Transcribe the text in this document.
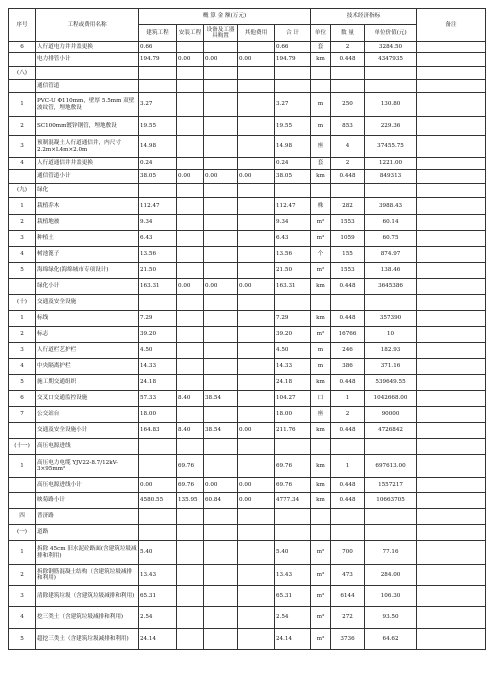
序号	工程或费用名称	概 算 金 额(万元)					技术经济指标			备注
		建筑工程	安装工程	设备及工器具购置	其他费用	合 计	单位	数 量	单位价值(元)	
6	人行道电力井井盖更换	0.66				0.66	套	2	3284.50	
	电力排管小计	194.79	0.00	0.00	0.00	194.79	km	0.448	4347935	
(八)										
	通信管道									
1	PVC-U Φ110mm，壁厚 5.5mm 双壁波纹管，埋地敷设	3.27				3.27	m	250	130.80	
2	SC100mm镀锌钢管，埋地敷设	19.55				19.55	m	853	229.36	
3	预制混凝土人行道通信井，内尺寸 2.2m×L4m×2.0m	14.98				14.98	座	4	37455.75	
4	人行道通信井井盖更换	0.24				0.24	套	2	1221.00	
	通信管道小计	38.05	0.00	0.00	0.00	38.05	km	0.448	849313	
(九)	绿化									
1	栽植乔木	112.47				112.47	株	282	3988.43	
2	栽植地被	9.34				9.34	m²	1553	60.14	
3	种植土	6.43				6.43	m³	1059	60.75	
4	树池篦子	13.56				13.56	个	155	874.97	
5	海绵绿化(海绵城市专项设计)	21.50				21.50	m²	1553	138.46	
	绿化小计	163.31	0.00	0.00	0.00	163.31	km	0.448	3645386	
(十)	交通及安全设施									
1	标线	7.29				7.29	km	0.448	357390	
2	标志	39.20				39.20	m²	16766	10	
3	人行道栏艺护栏	4.50				4.50	m	246	182.93	
4	中央隔离护栏	14.33				14.33	m	386	371.16	
5	施工期交通组织	24.18				24.18	km	0.448	539649.55	
6	交叉口交通监控设施	57.33	8.40	38.54		104.27	口	1	1042668.00	
7	公交站台	18.00				18.00	座	2	90000	
	交通及安全设施小计	164.83	8.40	38.54	0.00	211.76	km	0.448	4726842	
(十一)	高压电源进线									
1	高压电力电缆 YJV22-8.7/12kV-3×95mm²		69.76			69.76	km	1	697613.00	
	高压电源进线小计	0.00	69.76	0.00	0.00	69.76	km	0.448	1557217	
	映菊路小计	4580.55	135.95	60.84	0.00	4777.34	km	0.448	10663705	
四	普济路									
(一)	道路									
1	拆除 45cm 旧水泥砼路面(含建筑垃圾减排和利用)	5.40				5.40	m²	700	77.16	
2	拆除钢筋混凝土结构（含建筑垃圾减排和利用)	13.43				13.43	m³	473	284.00	
3	清除建筑垃圾（含建筑垃圾减排和利用)	65.31				65.31	m³	6144	106.30	
4	挖三类土（含建筑垃圾减排和利用)	2.54				2.54	m³	272	93.50	
5	超挖三类土（含建筑垃圾减排和利用)	24.14				24.14	m³	3736	64.62	
